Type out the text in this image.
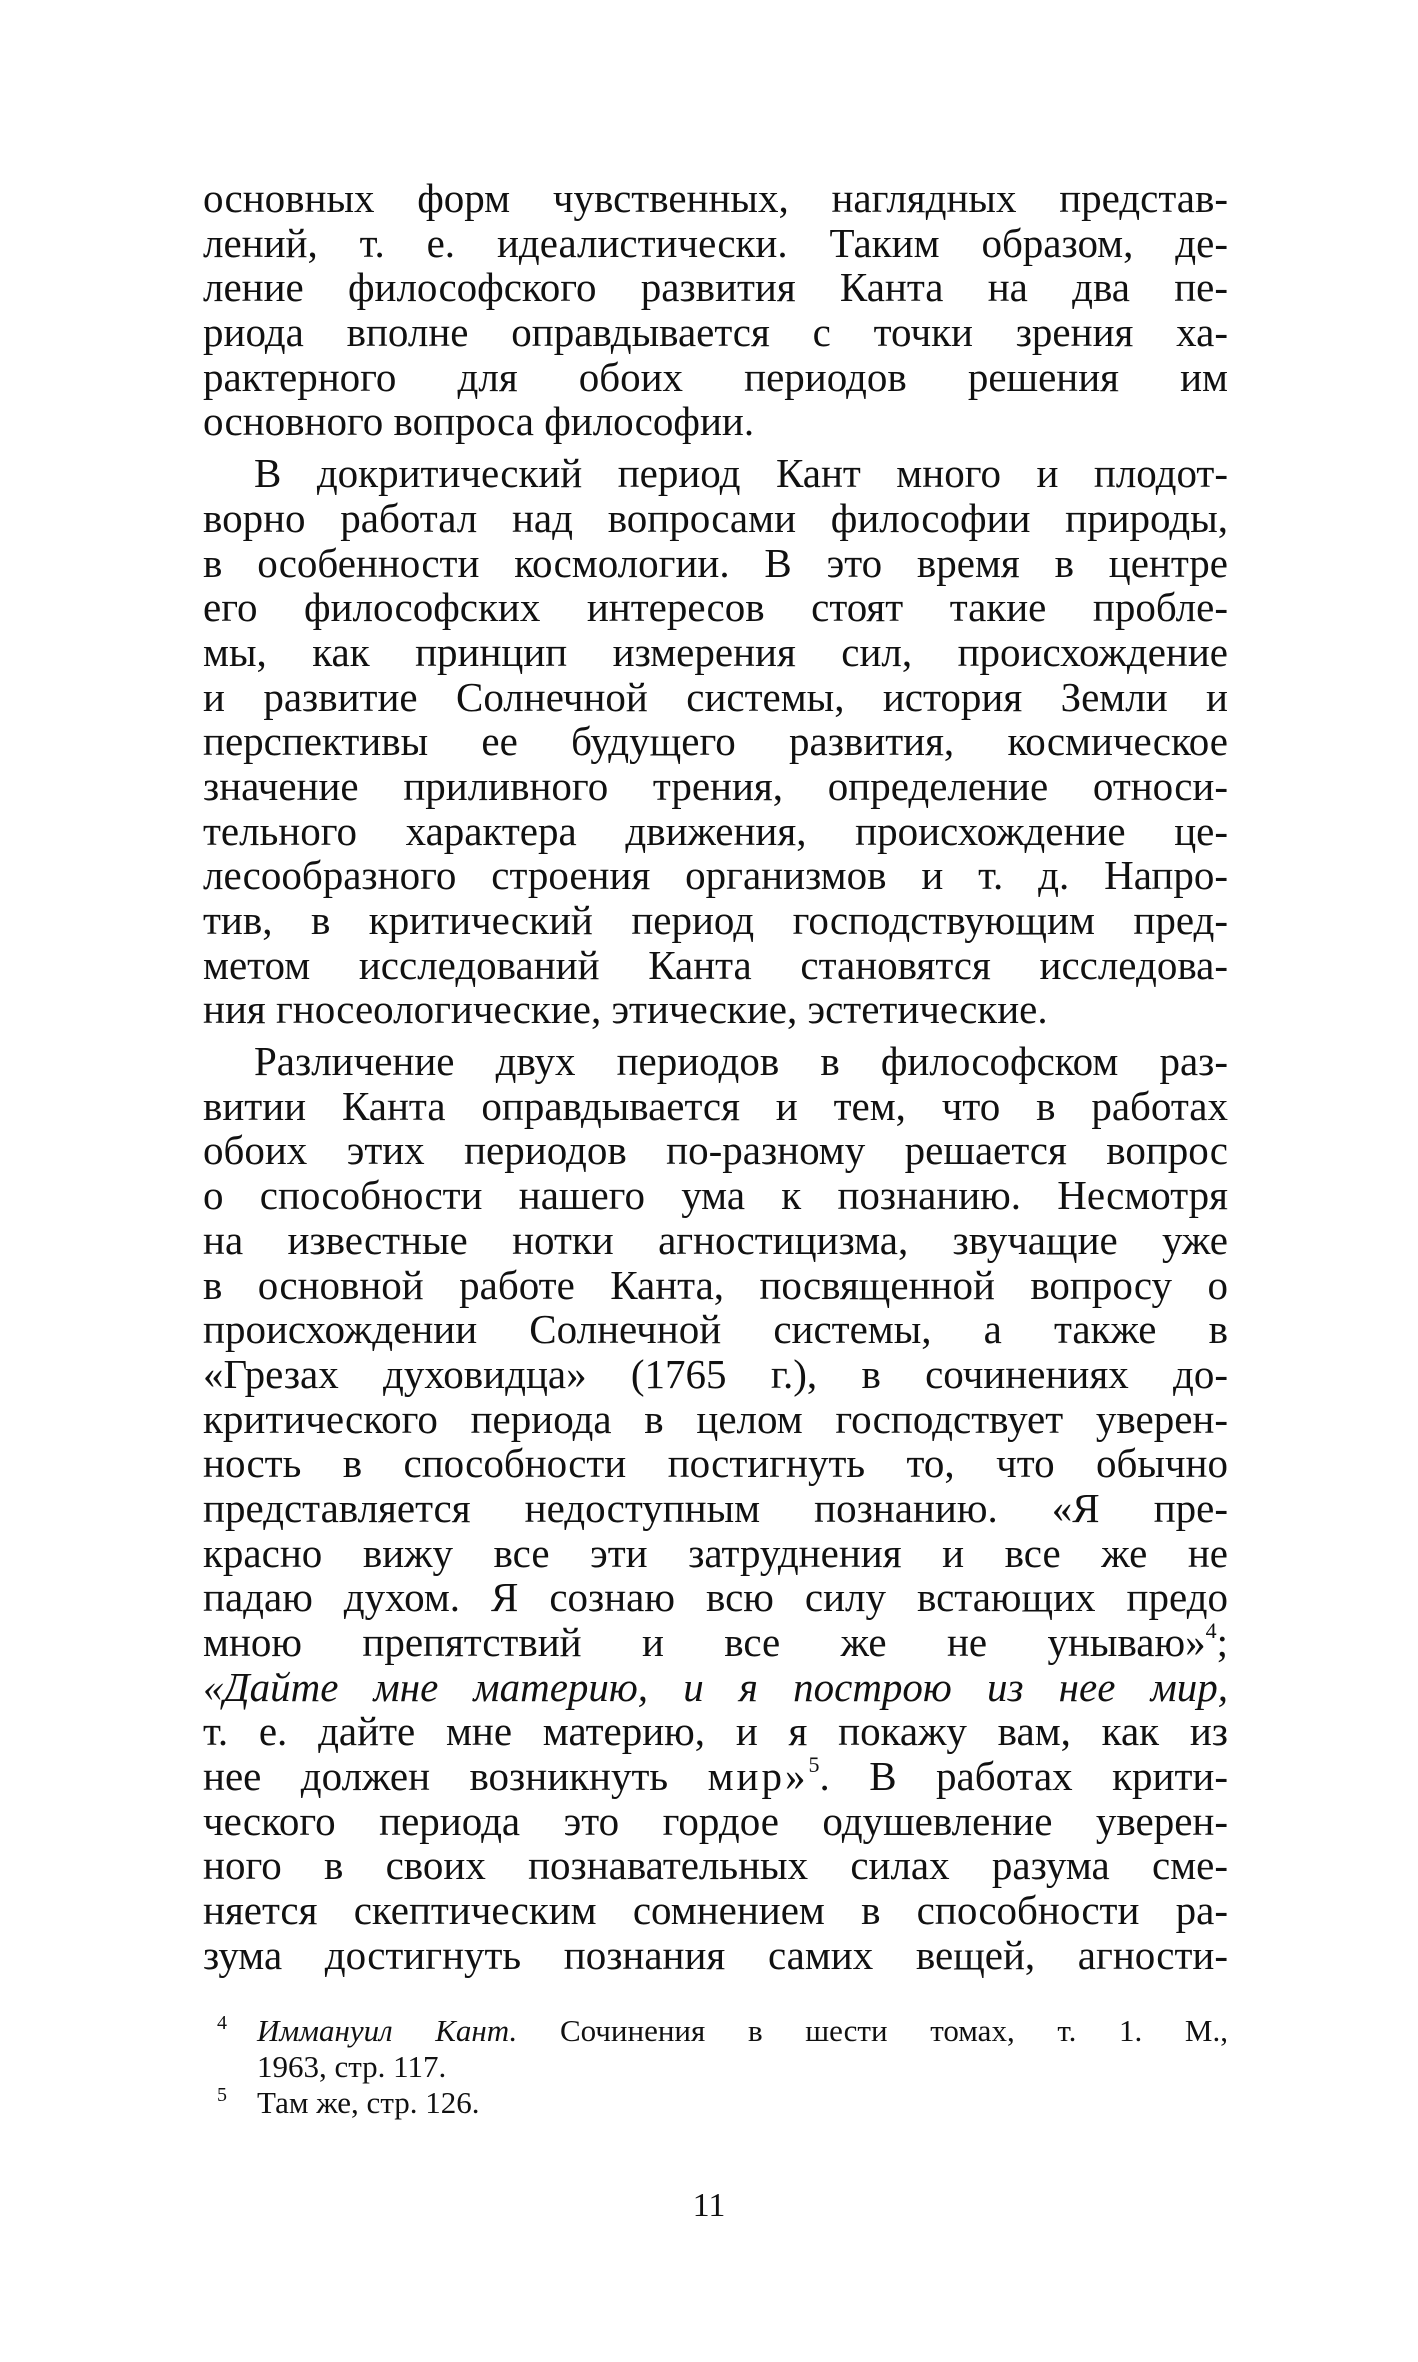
основных форм чувственных, наглядных представ-
лений, т. е. идеалистически. Таким образом, де-
ление философского развития Канта на два пе-
риода вполне оправдывается с точки зрения ха-
рактерного для обоих периодов решения им
основного вопроса философии.
В докритический период Кант много и плодот-
ворно работал над вопросами философии природы,
в особенности космологии. В это время в центре
его философских интересов стоят такие пробле-
мы, как принцип измерения сил, происхождение
и развитие Солнечной системы, история Земли и
перспективы ее будущего развития, космическое
значение приливного трения, определение относи-
тельного характера движения, происхождение це-
лесообразного строения организмов и т. д. Напро-
тив, в критический период господствующим пред-
метом исследований Канта становятся исследова-
ния гносеологические, этические, эстетические.
Различение двух периодов в философском раз-
витии Канта оправдывается и тем, что в работах
обоих этих периодов по-разному решается вопрос
о способности нашего ума к познанию. Несмотря
на известные нотки агностицизма, звучащие уже
в основной работе Канта, посвященной вопросу о
происхождении Солнечной системы, а также в
«Грезах духовидца» (1765 г.), в сочинениях до-
критического периода в целом господствует уверен-
ность в способности постигнуть то, что обычно
представляется недоступным познанию. «Я пре-
красно вижу все эти затруднения и все же не
падаю духом. Я сознаю всю силу встающих предо
мною препятствий и все же не унываю»$^4$;
«Дайте мне материю, и я построю из нее мир,
т. е. дайте мне материю, и я покажу вам, как из
нее должен возникнуть мир»$^5$. В работах крити-
ческого периода это гордое одушевление уверен-
ного в своих познавательных силах разума сме-
няется скептическим сомнением в способности ра-
зума достигнуть познания самих вещей, агности-
4 Иммануил Кант. Сочинения в шести томах, т. 1. М.,
1963, стр. 117.
5 Там же, стр. 126.
11
